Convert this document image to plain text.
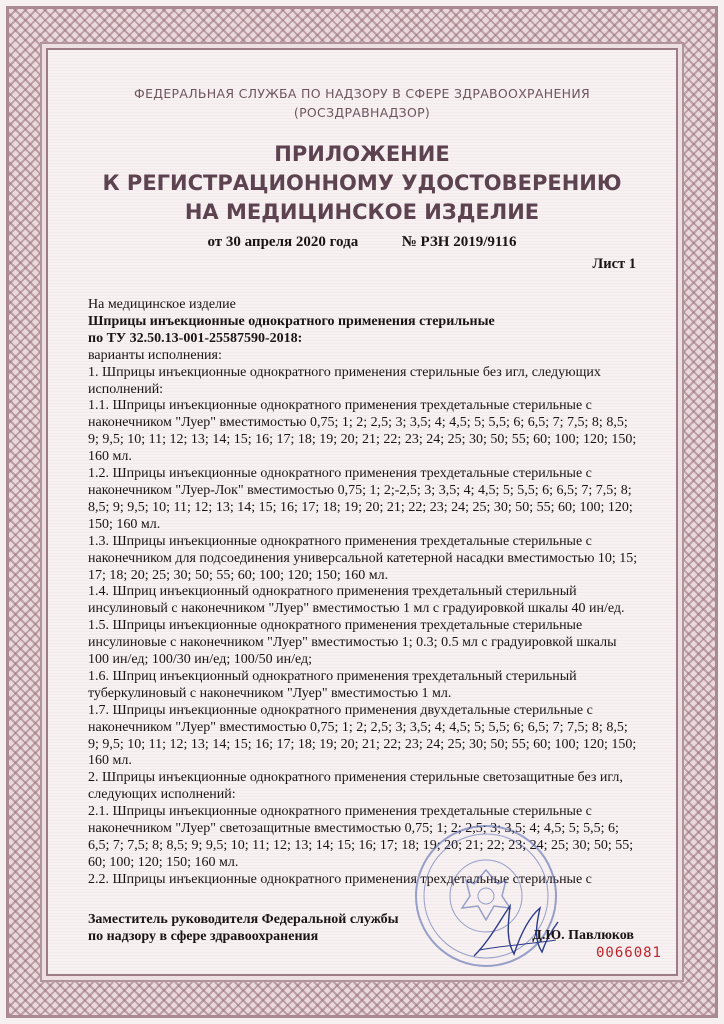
ФЕДЕРАЛЬНАЯ СЛУЖБА ПО НАДЗОРУ В СФЕРЕ ЗДРАВООХРАНЕНИЯ
(РОСЗДРАВНАДЗОР)
ПРИЛОЖЕНИЕ
К РЕГИСТРАЦИОННОМУ УДОСТОВЕРЕНИЮ
НА МЕДИЦИНСКОЕ ИЗДЕЛИЕ
от 30 апреля 2020 года	№ РЗН 2019/9116
Лист 1

На медицинское изделие

Шприцы инъекционные однократного применения стерильные

по ТУ 32.50.13-001-25587590-2018:

варианты исполнения:

1. Шприцы инъекционные однократного применения стерильные без игл, следующих исполнений:

1.1. Шприцы инъекционные однократного применения трехдетальные стерильные с наконечником "Луер" вместимостью 0,75; 1; 2; 2,5; 3; 3,5; 4; 4,5; 5; 5,5; 6; 6,5; 7; 7,5; 8; 8,5; 9; 9,5; 10; 11; 12; 13; 14; 15; 16; 17; 18; 19; 20; 21; 22; 23; 24; 25; 30; 50; 55; 60; 100; 120; 150; 160 мл.

1.2. Шприцы инъекционные однократного применения трехдетальные стерильные с наконечником "Луер-Лок" вместимостью 0,75; 1; 2;-2,5; 3; 3,5; 4; 4,5; 5; 5,5; 6; 6,5; 7; 7,5; 8; 8,5; 9; 9,5; 10; 11; 12; 13; 14; 15; 16; 17; 18; 19; 20; 21; 22; 23; 24; 25; 30; 50; 55; 60; 100; 120; 150; 160 мл.

1.3. Шприцы инъекционные однократного применения трехдетальные стерильные с наконечником для подсоединения универсальной катетерной насадки вместимостью 10; 15; 17; 18; 20; 25; 30; 50; 55; 60; 100; 120; 150; 160 мл.

1.4. Шприц инъекционный однократного применения трехдетальный стерильный инсулиновый с наконечником "Луер" вместимостью 1 мл с градуировкой шкалы 40 ин/ед.

1.5. Шприцы инъекционные однократного применения трехдетальные стерильные инсулиновые с наконечником "Луер" вместимостью 1; 0.3; 0.5 мл с градуировкой шкалы 100 ин/ед; 100/30 ин/ед; 100/50 ин/ед;

1.6. Шприц инъекционный однократного применения трехдетальный стерильный туберкулиновый с наконечником "Луер" вместимостью 1 мл.

1.7. Шприцы инъекционные однократного применения двухдетальные стерильные с наконечником "Луер" вместимостью 0,75; 1; 2; 2,5; 3; 3,5; 4; 4,5; 5; 5,5; 6; 6,5; 7; 7,5; 8; 8,5; 9; 9,5; 10; 11; 12; 13; 14; 15; 16; 17; 18; 19; 20; 21; 22; 23; 24; 25; 30; 50; 55; 60; 100; 120; 150; 160 мл.

2. Шприцы инъекционные однократного применения стерильные светозащитные без игл, следующих исполнений:

2.1. Шприцы инъекционные однократного применения трехдетальные стерильные с наконечником "Луер" светозащитные вместимостью 0,75; 1; 2; 2,5; 3; 3,5; 4; 4,5; 5; 5,5; 6; 6,5; 7; 7,5; 8; 8,5; 9; 9,5; 10; 11; 12; 13; 14; 15; 16; 17; 18; 19; 20; 21; 22; 23; 24; 25; 30; 50; 55; 60; 100; 120; 150; 160 мл.

2.2. Шприцы инъекционные однократного применения трехдетальные стерильные с

Заместитель руководителя Федеральной службы
по надзору в сфере здравоохранения	Д.Ю. Павлюков
0066081
